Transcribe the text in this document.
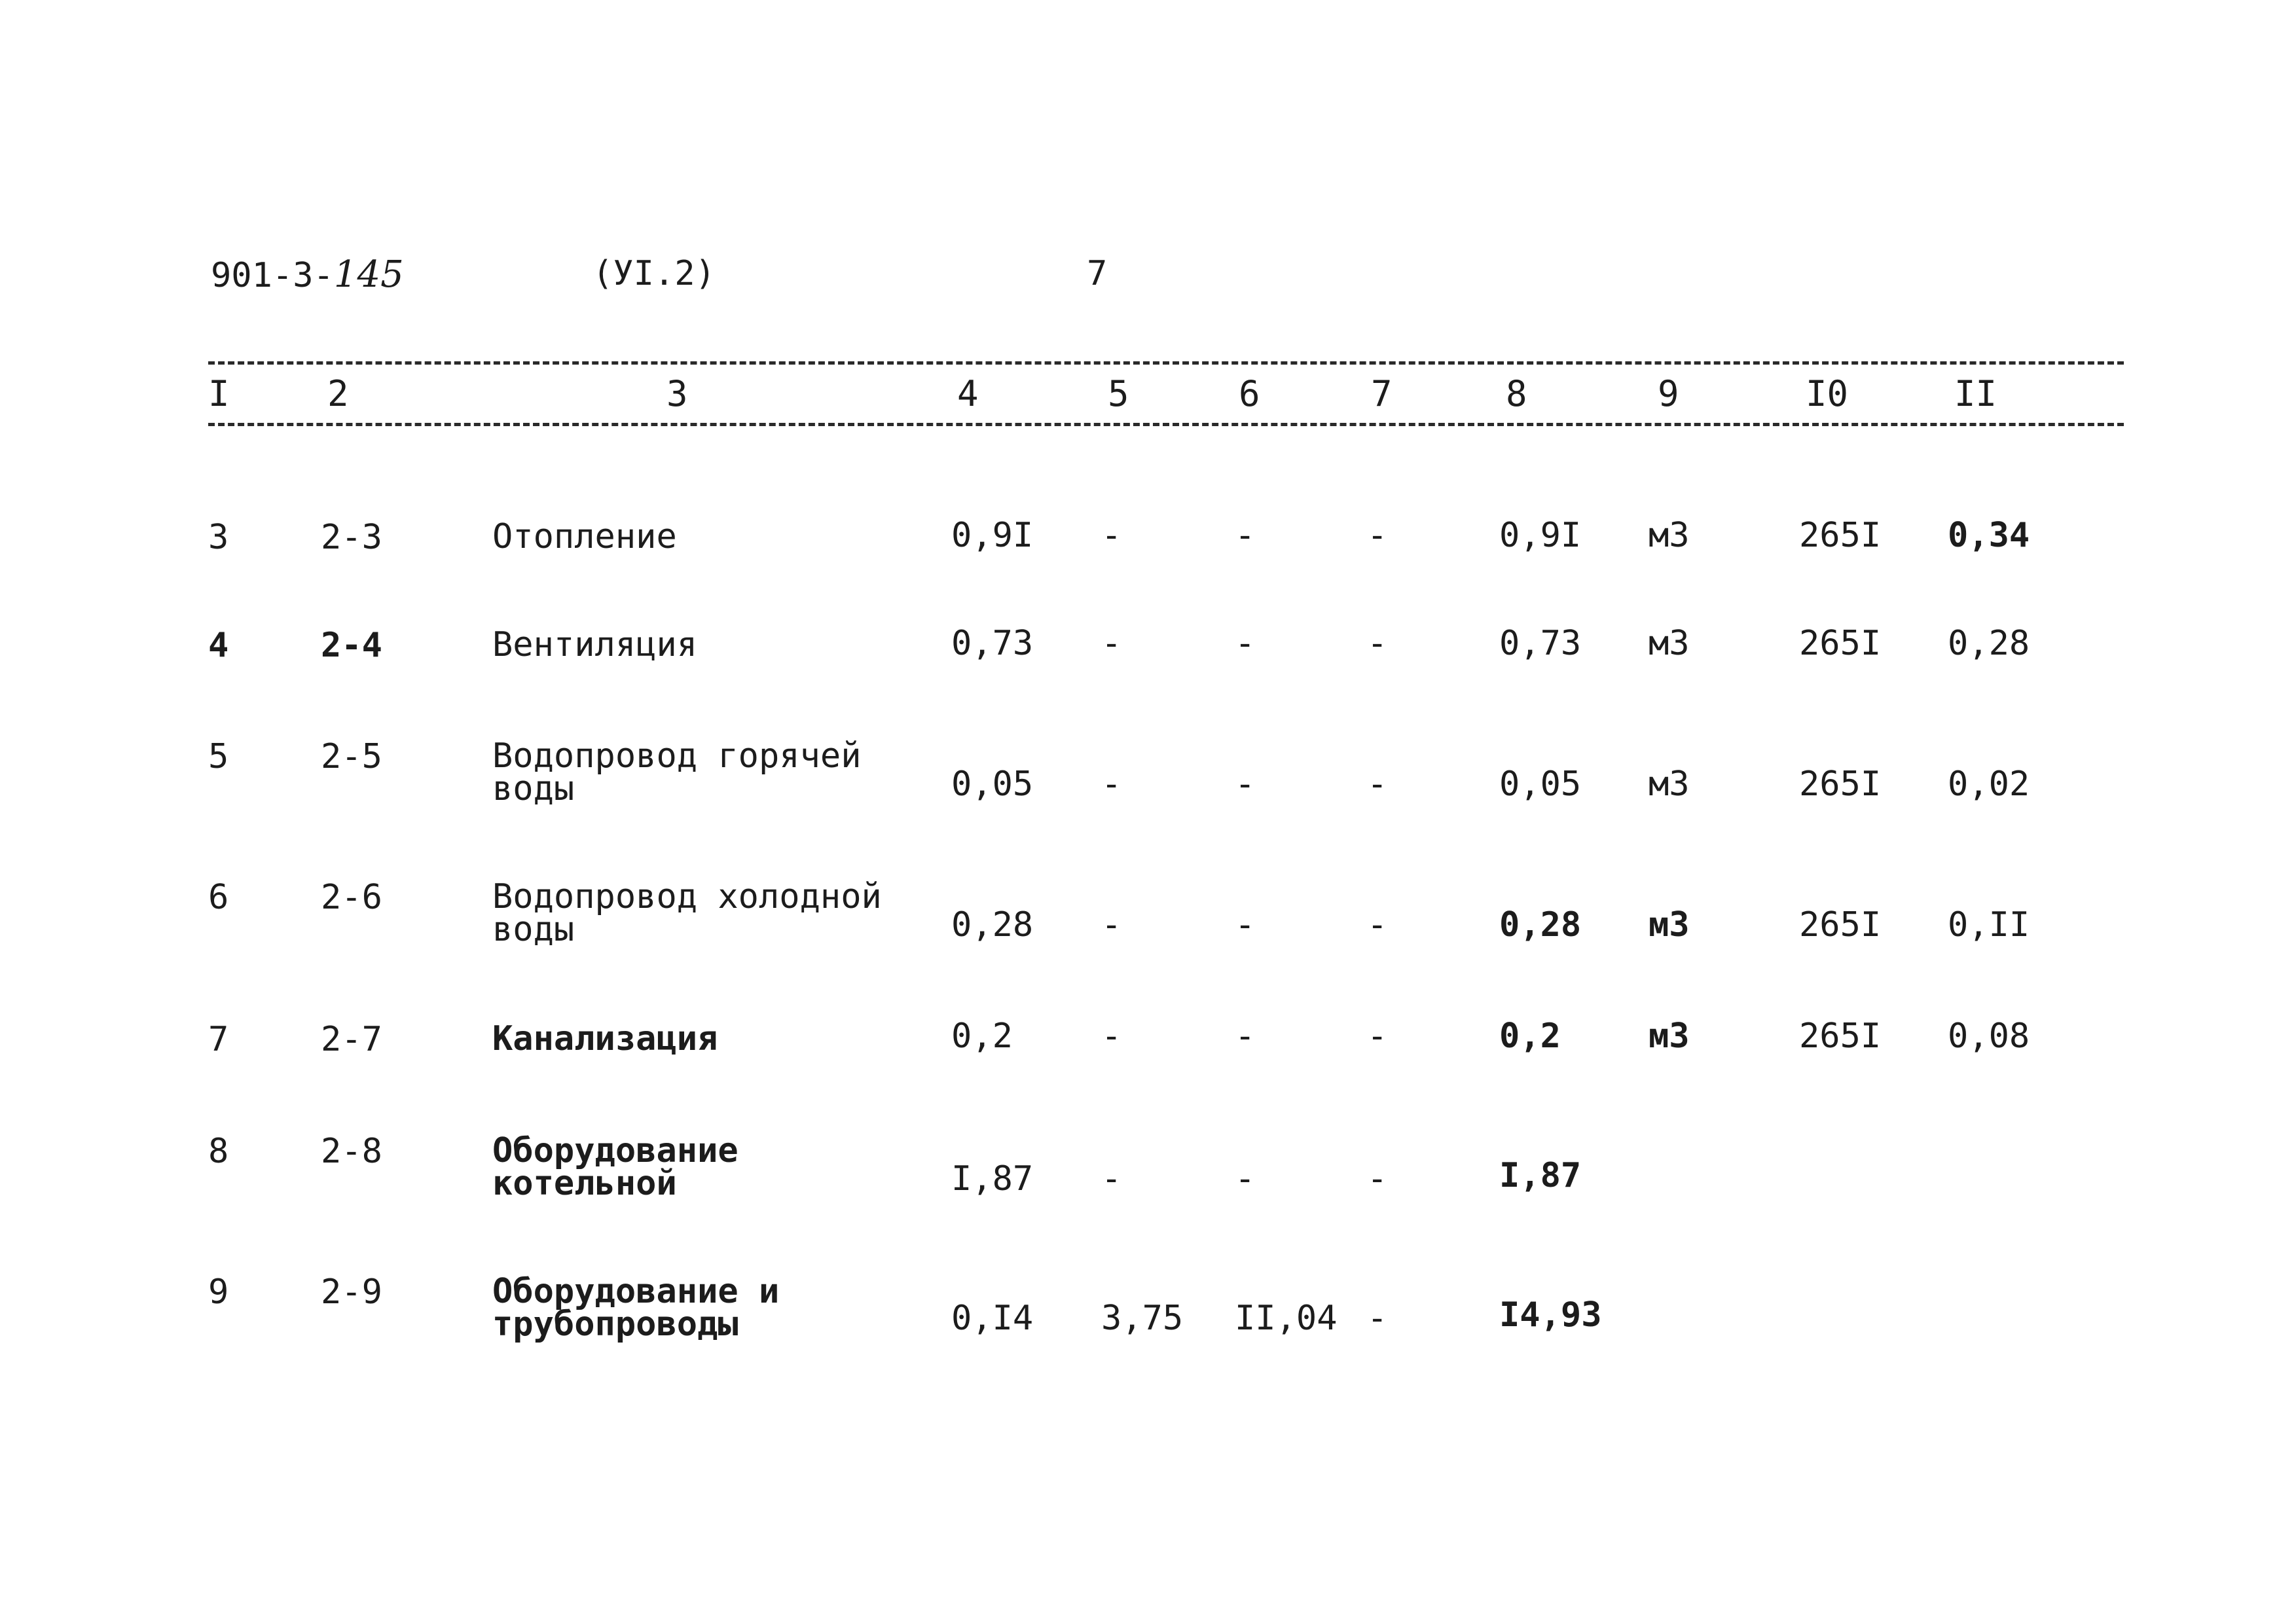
901-3-145	(УI.2)	7
I	2	3	4	5	6	7	8	9	I0	II
3	2-3	Отопление	0,9I -	-	-	0,9I м3	265I 0,34
4	2-4	Вентиляция	0,73 -	-	-	0,73 м3	265I 0,28
5	2-5	Водопровод горячей
воды	0,05 -	-	-	0,05 м3	265I 0,02
6	2-6	Водопровод холодной
воды	0,28 -	-	-	0,28 м3	265I 0,II
7	2-7	Канализация	0,2	-	-	-	0,2	м3	265I 0,08
8	2-8	Оборудование
котельной	I,87 -	-	-	I,87
9	2-9	Оборудование и
трубопроводы	0,I4 3,75 II,04 -	I4,93
